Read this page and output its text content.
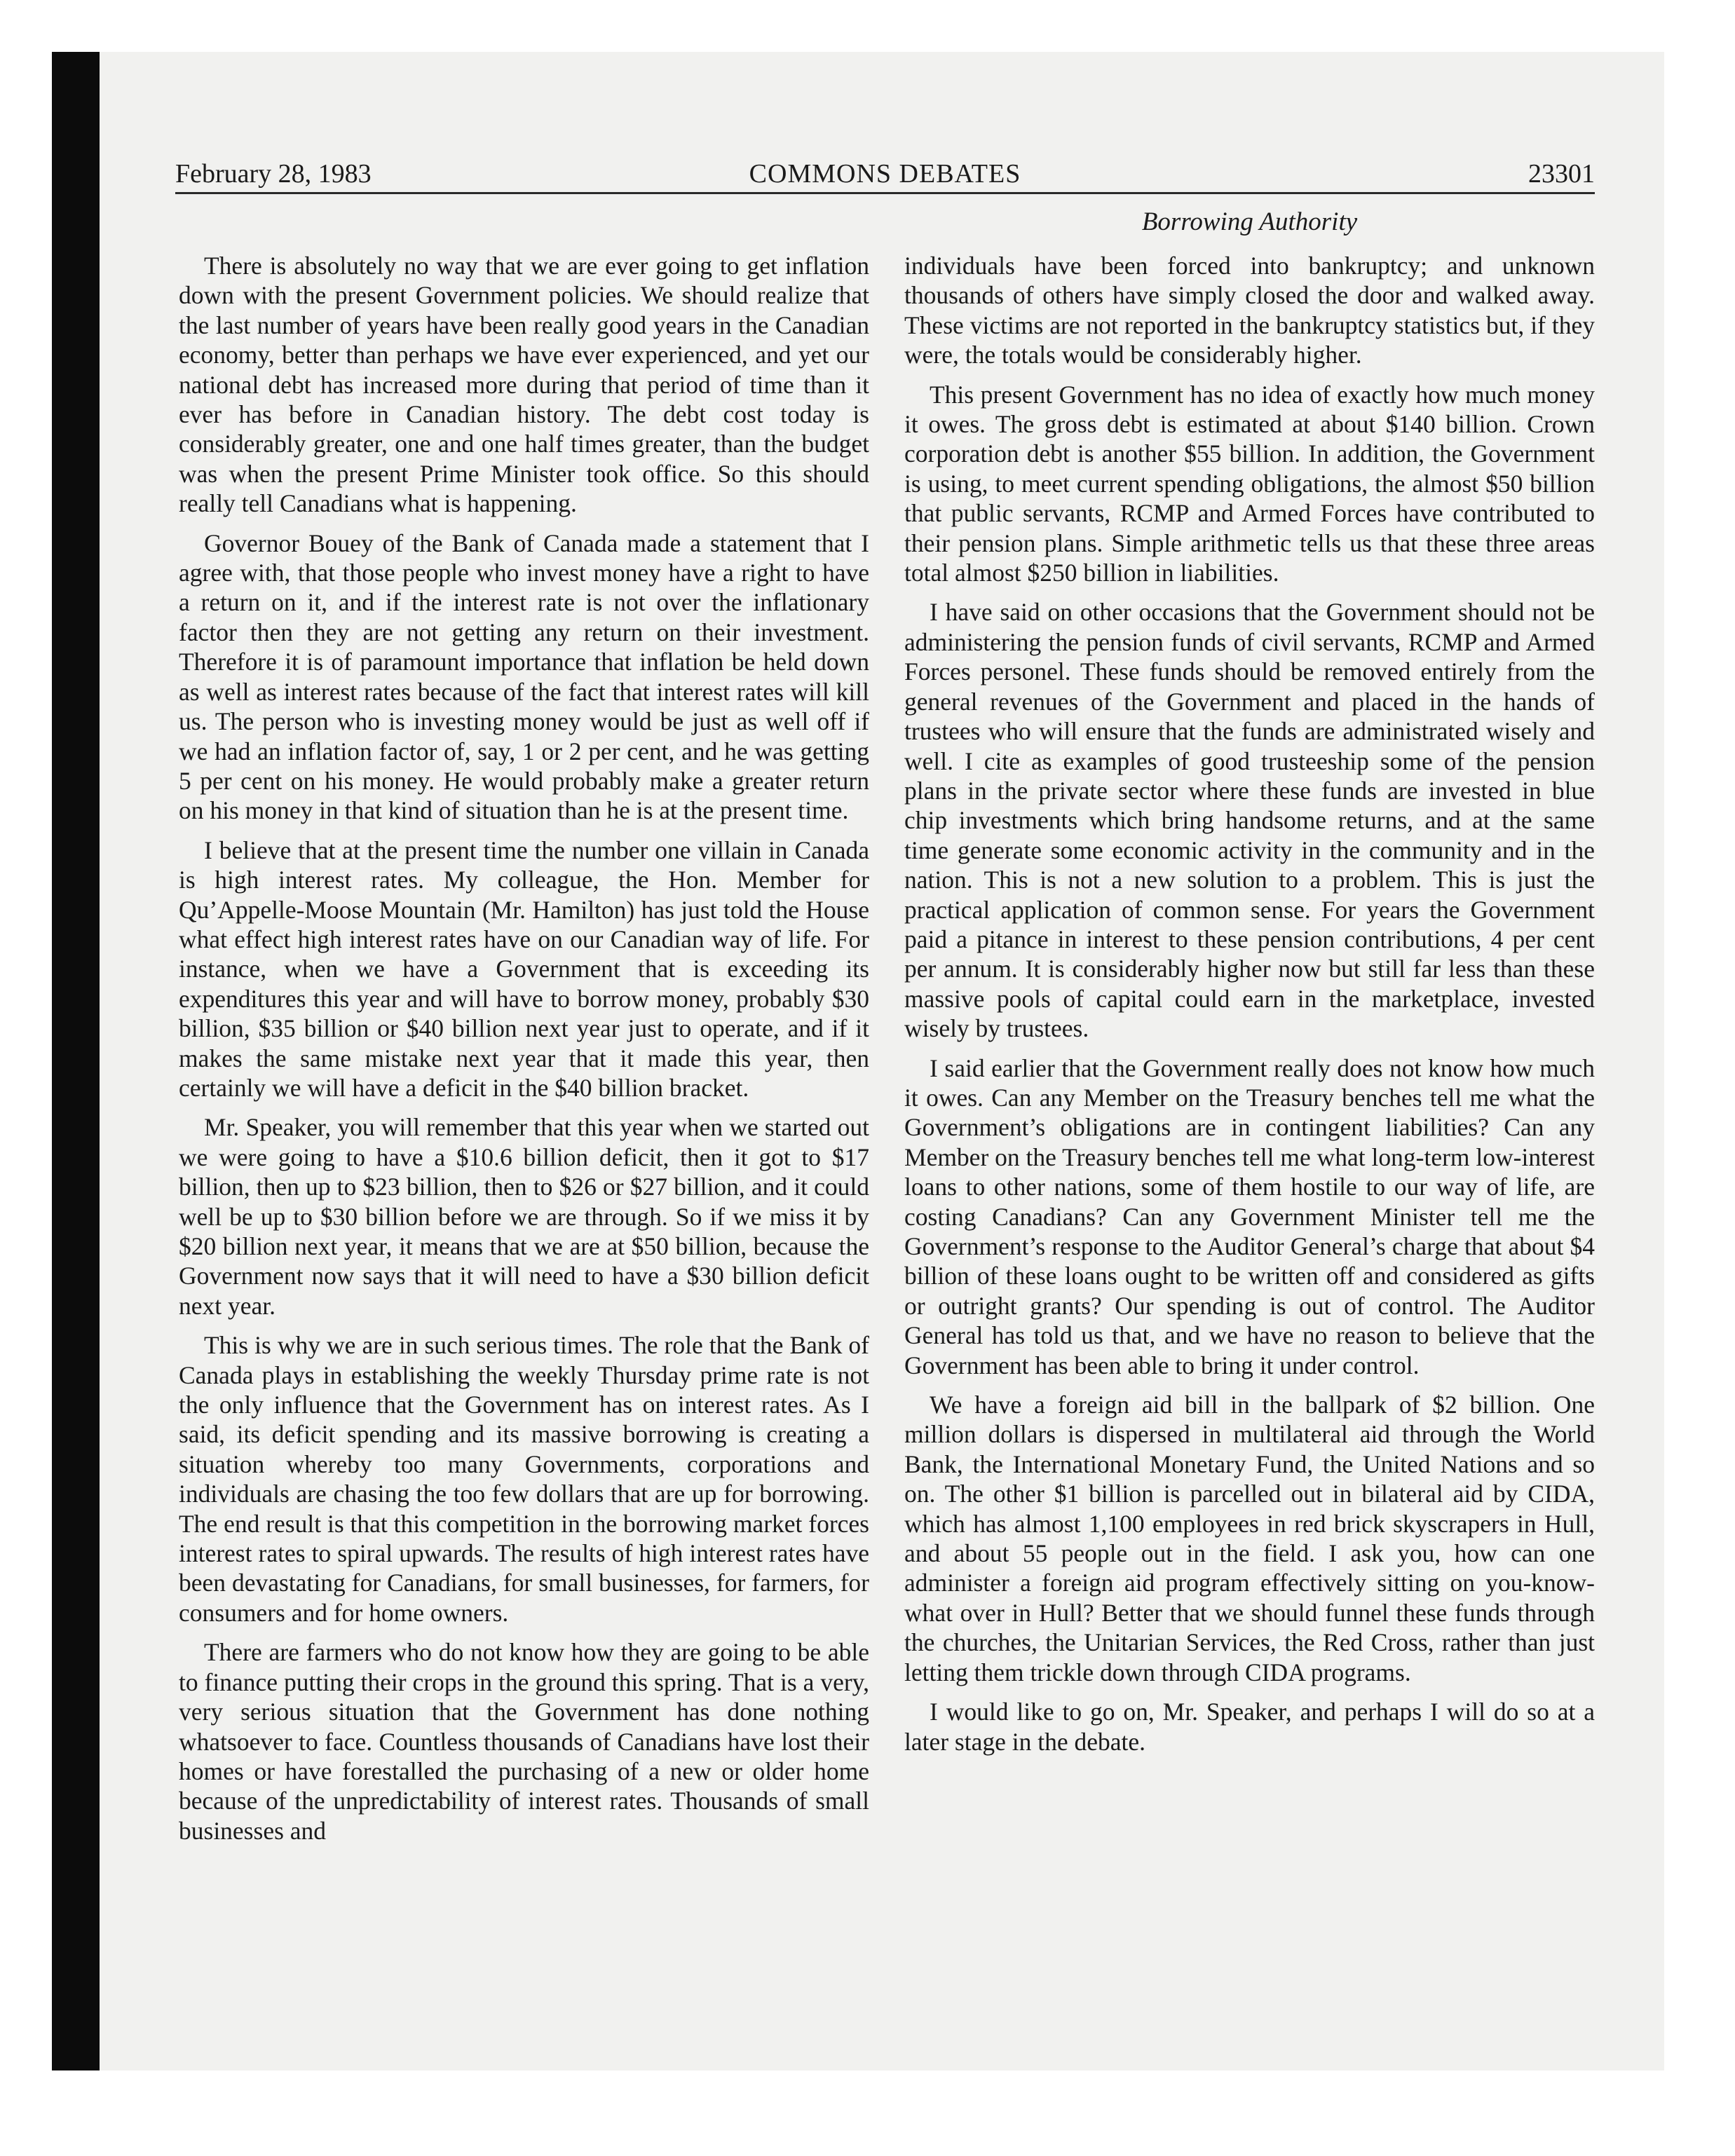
February 28, 1983	COMMONS DEBATES	23301
Borrowing Authority

There is absolutely no way that we are ever going to get inflation down with the present Government policies. We should realize that the last number of years have been really good years in the Canadian economy, better than perhaps we have ever experienced, and yet our national debt has increased more during that period of time than it ever has before in Canadian history. The debt cost today is considerably greater, one and one half times greater, than the budget was when the present Prime Minister took office. So this should really tell Canadians what is happening.

Governor Bouey of the Bank of Canada made a statement that I agree with, that those people who invest money have a right to have a return on it, and if the interest rate is not over the inflationary factor then they are not getting any return on their investment. Therefore it is of paramount importance that inflation be held down as well as interest rates because of the fact that interest rates will kill us. The person who is investing money would be just as well off if we had an inflation factor of, say, 1 or 2 per cent, and he was getting 5 per cent on his money. He would probably make a greater return on his money in that kind of situation than he is at the present time.

I believe that at the present time the number one villain in Canada is high interest rates. My colleague, the Hon. Member for Qu’Appelle-Moose Mountain (Mr. Hamilton) has just told the House what effect high interest rates have on our Canadian way of life. For instance, when we have a Government that is exceeding its expenditures this year and will have to borrow money, probably $30 billion, $35 billion or $40 billion next year just to operate, and if it makes the same mistake next year that it made this year, then certainly we will have a deficit in the $40 billion bracket.

Mr. Speaker, you will remember that this year when we started out we were going to have a $10.6 billion deficit, then it got to $17 billion, then up to $23 billion, then to $26 or $27 billion, and it could well be up to $30 billion before we are through. So if we miss it by $20 billion next year, it means that we are at $50 billion, because the Government now says that it will need to have a $30 billion deficit next year.

This is why we are in such serious times. The role that the Bank of Canada plays in establishing the weekly Thursday prime rate is not the only influence that the Government has on interest rates. As I said, its deficit spending and its massive borrowing is creating a situation whereby too many Governments, corporations and individuals are chasing the too few dollars that are up for borrowing. The end result is that this competition in the borrowing market forces interest rates to spiral upwards. The results of high interest rates have been devastating for Canadians, for small businesses, for farmers, for consumers and for home owners.

There are farmers who do not know how they are going to be able to finance putting their crops in the ground this spring. That is a very, very serious situation that the Government has done nothing whatsoever to face. Countless thousands of Canadians have lost their homes or have forestalled the purchasing of a new or older home because of the unpredictability of interest rates. Thousands of small businesses and

individuals have been forced into bankruptcy; and unknown thousands of others have simply closed the door and walked away. These victims are not reported in the bankruptcy statistics but, if they were, the totals would be considerably higher.

This present Government has no idea of exactly how much money it owes. The gross debt is estimated at about $140 billion. Crown corporation debt is another $55 billion. In addition, the Government is using, to meet current spending obligations, the almost $50 billion that public servants, RCMP and Armed Forces have contributed to their pension plans. Simple arithmetic tells us that these three areas total almost $250 billion in liabilities.

I have said on other occasions that the Government should not be administering the pension funds of civil servants, RCMP and Armed Forces personel. These funds should be removed entirely from the general revenues of the Government and placed in the hands of trustees who will ensure that the funds are administrated wisely and well. I cite as examples of good trusteeship some of the pension plans in the private sector where these funds are invested in blue chip investments which bring handsome returns, and at the same time generate some economic activity in the community and in the nation. This is not a new solution to a problem. This is just the practical application of common sense. For years the Government paid a pitance in interest to these pension contributions, 4 per cent per annum. It is considerably higher now but still far less than these massive pools of capital could earn in the marketplace, invested wisely by trustees.

I said earlier that the Government really does not know how much it owes. Can any Member on the Treasury benches tell me what the Government’s obligations are in contingent liabilities? Can any Member on the Treasury benches tell me what long-term low-interest loans to other nations, some of them hostile to our way of life, are costing Canadians? Can any Government Minister tell me the Government’s response to the Auditor General’s charge that about $4 billion of these loans ought to be written off and considered as gifts or outright grants? Our spending is out of control. The Auditor General has told us that, and we have no reason to believe that the Government has been able to bring it under control.

We have a foreign aid bill in the ballpark of $2 billion. One million dollars is dispersed in multilateral aid through the World Bank, the International Monetary Fund, the United Nations and so on. The other $1 billion is parcelled out in bilateral aid by CIDA, which has almost 1,100 employees in red brick skyscrapers in Hull, and about 55 people out in the field. I ask you, how can one administer a foreign aid program effectively sitting on you-know-what over in Hull? Better that we should funnel these funds through the churches, the Unitarian Services, the Red Cross, rather than just letting them trickle down through CIDA programs.

I would like to go on, Mr. Speaker, and perhaps I will do so at a later stage in the debate.
